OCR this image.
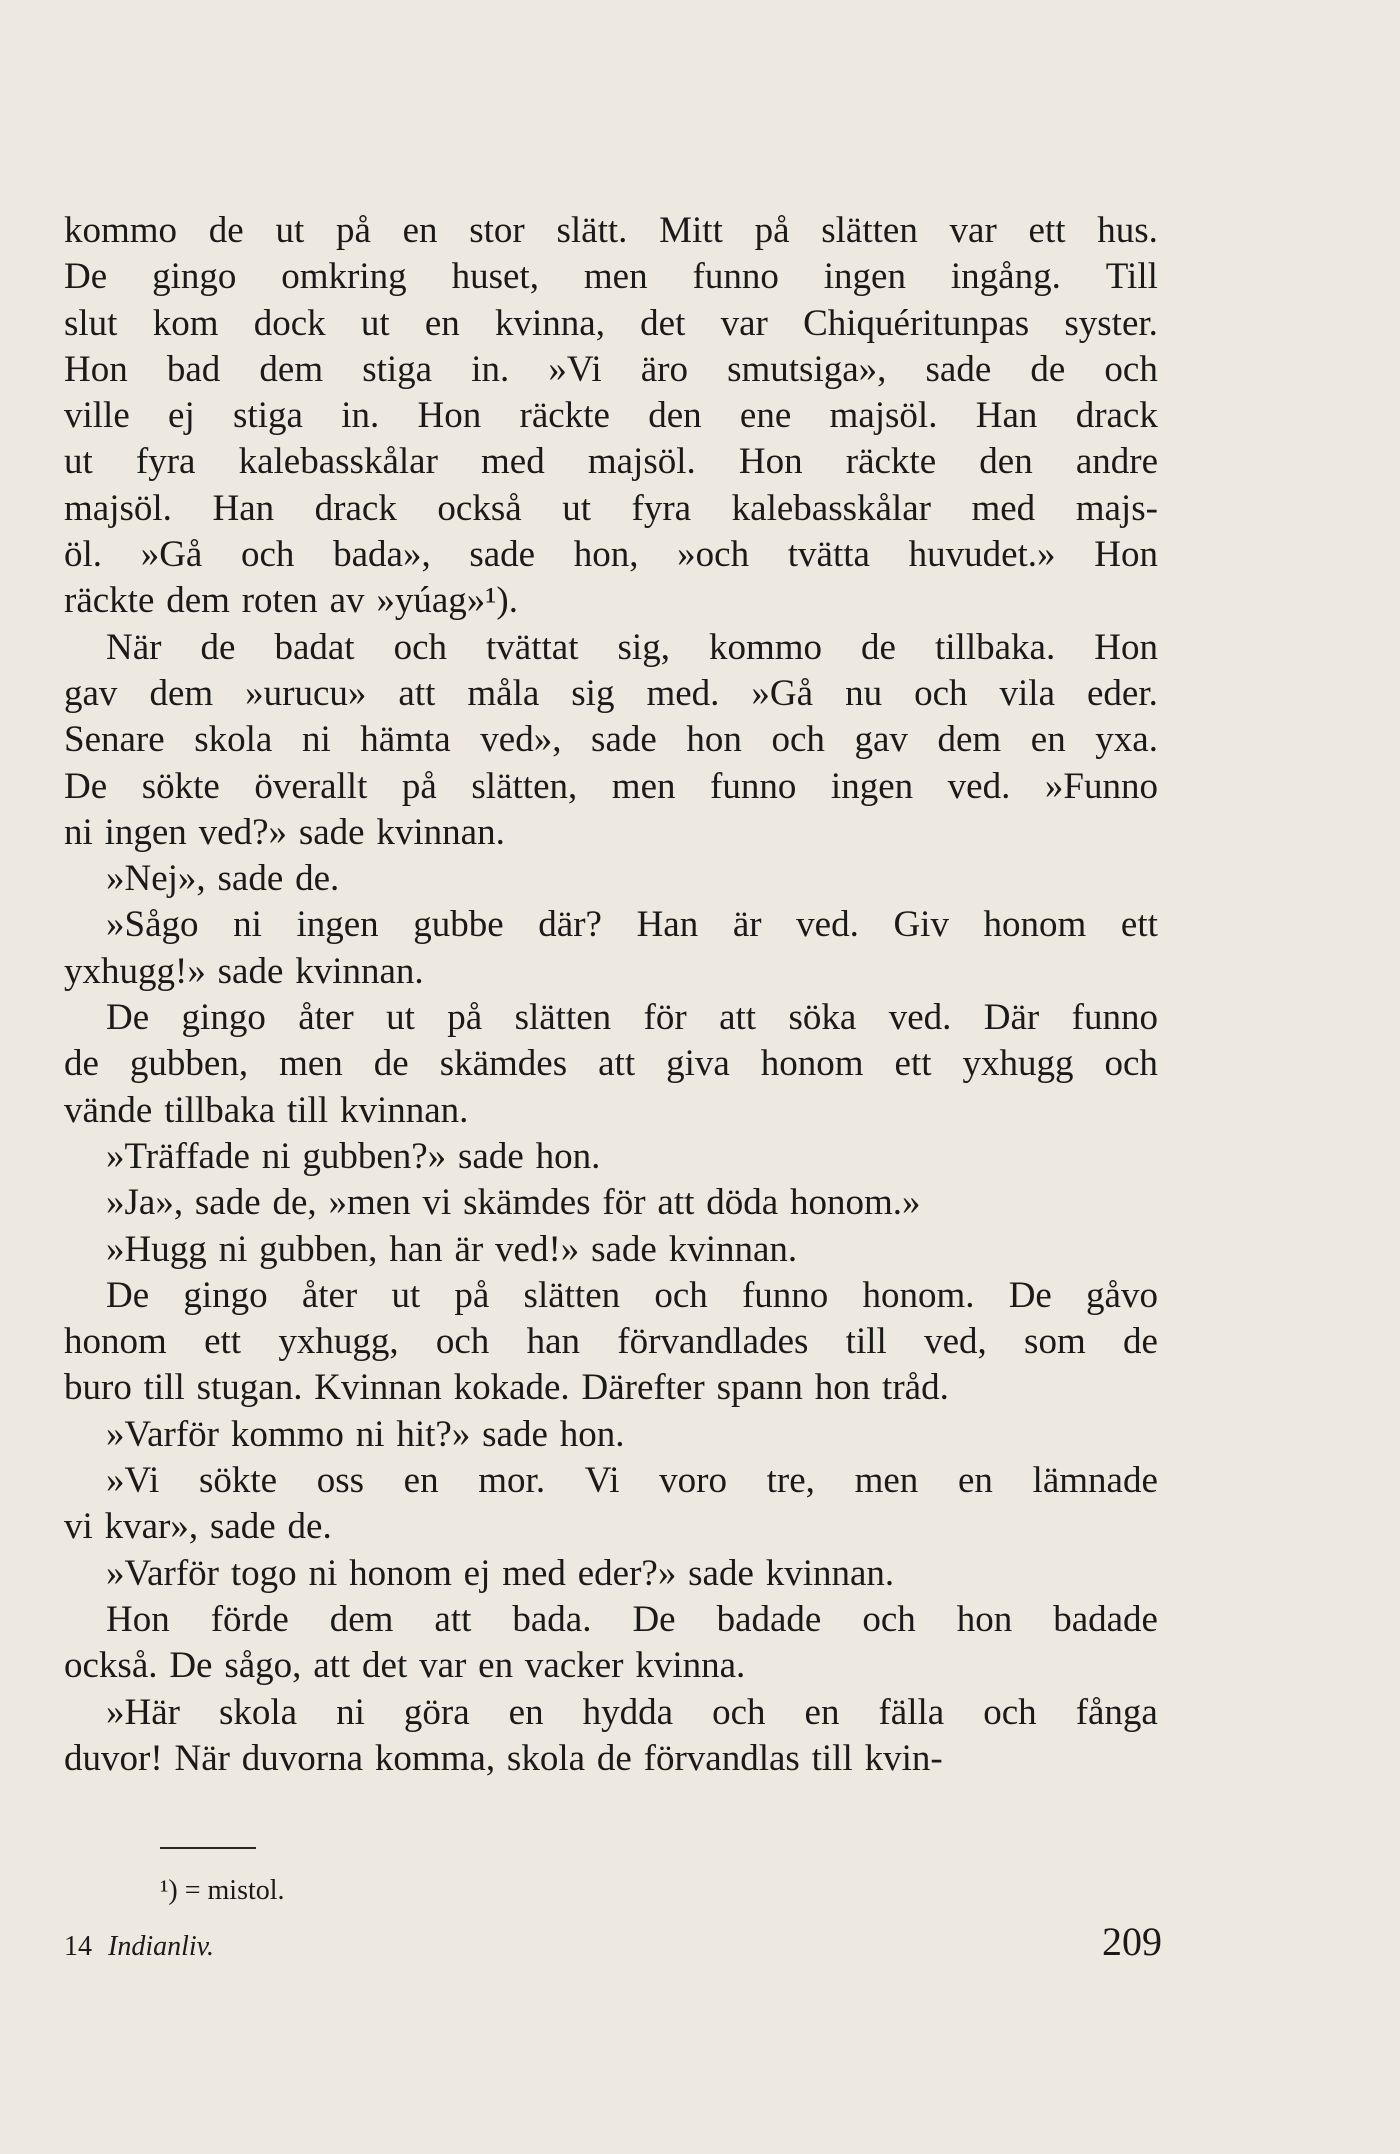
kommo de ut på en stor slätt. Mitt på slätten var ett hus.
De gingo omkring huset, men funno ingen ingång. Till
slut kom dock ut en kvinna, det var Chiquéritunpas syster.
Hon bad dem stiga in. »Vi äro smutsiga», sade de och
ville ej stiga in. Hon räckte den ene majsöl. Han drack
ut fyra kalebasskålar med majsöl. Hon räckte den andre
majsöl. Han drack också ut fyra kalebasskålar med majs-
öl. »Gå och bada», sade hon, »och tvätta huvudet.» Hon
räckte dem roten av »yúag»¹).
När de badat och tvättat sig, kommo de tillbaka. Hon
gav dem »urucu» att måla sig med. »Gå nu och vila eder.
Senare skola ni hämta ved», sade hon och gav dem en yxa.
De sökte överallt på slätten, men funno ingen ved. »Funno
ni ingen ved?» sade kvinnan.
»Nej», sade de.
»Sågo ni ingen gubbe där? Han är ved. Giv honom ett
yxhugg!» sade kvinnan.
De gingo åter ut på slätten för att söka ved. Där funno
de gubben, men de skämdes att giva honom ett yxhugg och
vände tillbaka till kvinnan.
»Träffade ni gubben?» sade hon.
»Ja», sade de, »men vi skämdes för att döda honom.»
»Hugg ni gubben, han är ved!» sade kvinnan.
De gingo åter ut på slätten och funno honom. De gåvo
honom ett yxhugg, och han förvandlades till ved, som de
buro till stugan. Kvinnan kokade. Därefter spann hon tråd.
»Varför kommo ni hit?» sade hon.
»Vi sökte oss en mor. Vi voro tre, men en lämnade
vi kvar», sade de.
»Varför togo ni honom ej med eder?» sade kvinnan.
Hon förde dem att bada. De badade och hon badade
också. De sågo, att det var en vacker kvinna.
»Här skola ni göra en hydda och en fälla och fånga
duvor! När duvorna komma, skola de förvandlas till kvin-
¹) = mistol.
209
14 Indianliv.
